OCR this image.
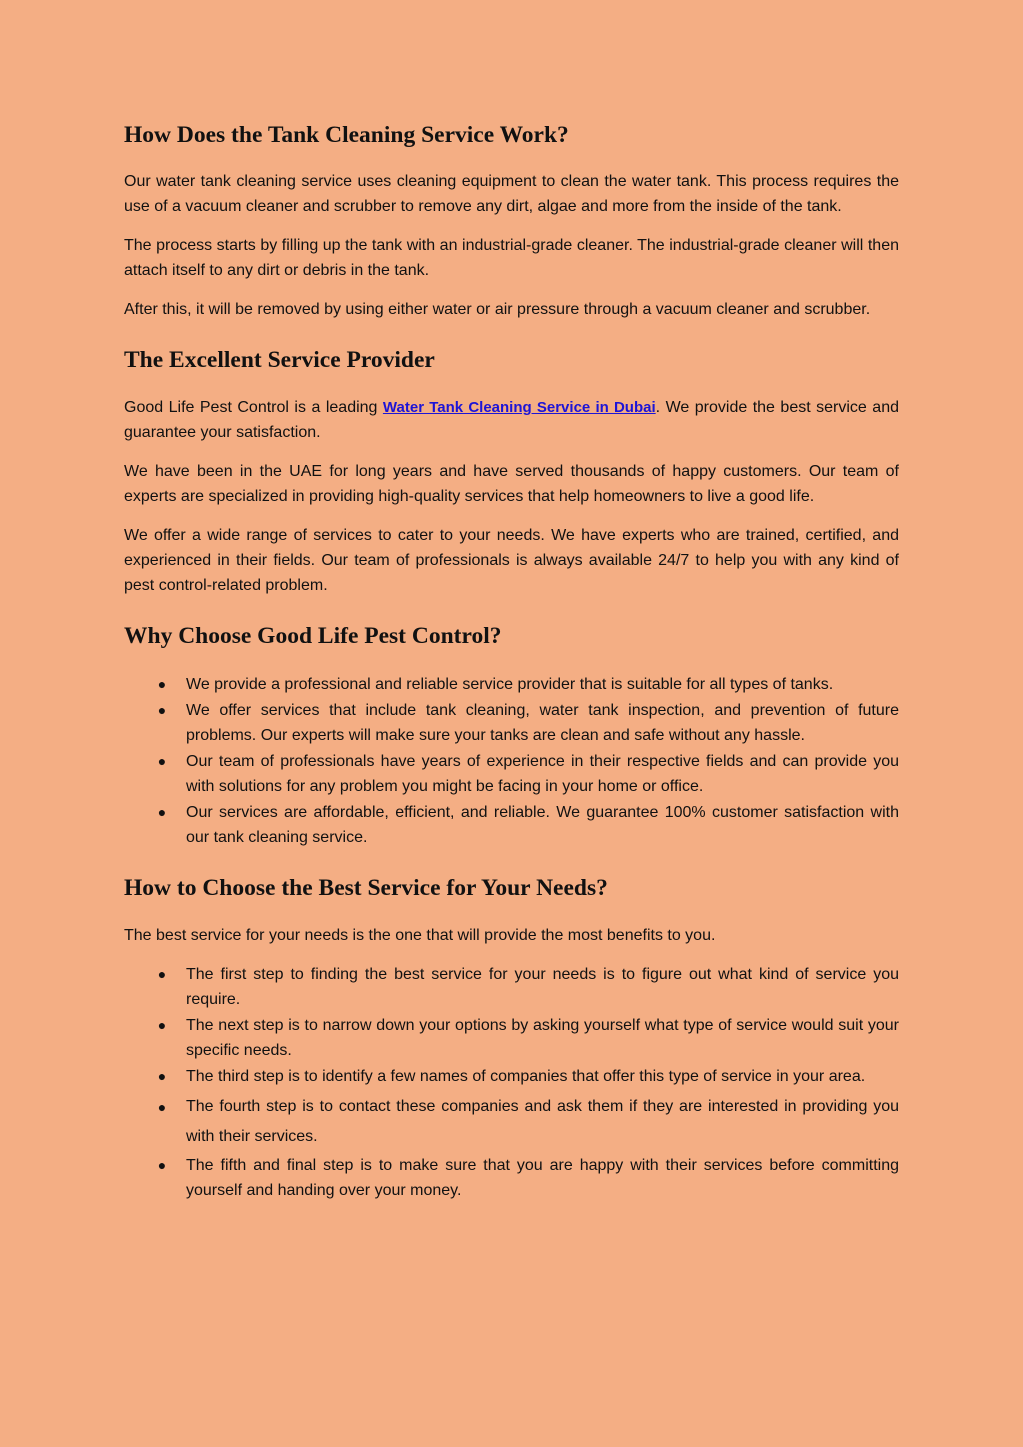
How Does the Tank Cleaning Service Work?

Our water tank cleaning service uses cleaning equipment to clean the water tank. This process requires the use of a vacuum cleaner and scrubber to remove any dirt, algae and more from the inside of the tank.

The process starts by filling up the tank with an industrial-grade cleaner. The industrial-grade cleaner will then attach itself to any dirt or debris in the tank.

After this, it will be removed by using either water or air pressure through a vacuum cleaner and scrubber.

The Excellent Service Provider

Good Life Pest Control is a leading Water Tank Cleaning Service in Dubai. We provide the best service and guarantee your satisfaction.

We have been in the UAE for long years and have served thousands of happy customers. Our team of experts are specialized in providing high-quality services that help homeowners to live a good life.

We offer a wide range of services to cater to your needs. We have experts who are trained, certified, and experienced in their fields. Our team of professionals is always available 24/7 to help you with any kind of pest control-related problem.

Why Choose Good Life Pest Control?
● We provide a professional and reliable service provider that is suitable for all types of tanks.
● We offer services that include tank cleaning, water tank inspection, and prevention of future problems. Our experts will make sure your tanks are clean and safe without any hassle.
● Our team of professionals have years of experience in their respective fields and can provide you with solutions for any problem you might be facing in your home or office.
● Our services are affordable, efficient, and reliable. We guarantee 100% customer satisfaction with our tank cleaning service.
How to Choose the Best Service for Your Needs?

The best service for your needs is the one that will provide the most benefits to you.

● The first step to finding the best service for your needs is to figure out what kind of service you require.
● The next step is to narrow down your options by asking yourself what type of service would suit your specific needs.
● The third step is to identify a few names of companies that offer this type of service in your area.
● The fourth step is to contact these companies and ask them if they are interested in providing you with their services.
● The fifth and final step is to make sure that you are happy with their services before committing yourself and handing over your money.
